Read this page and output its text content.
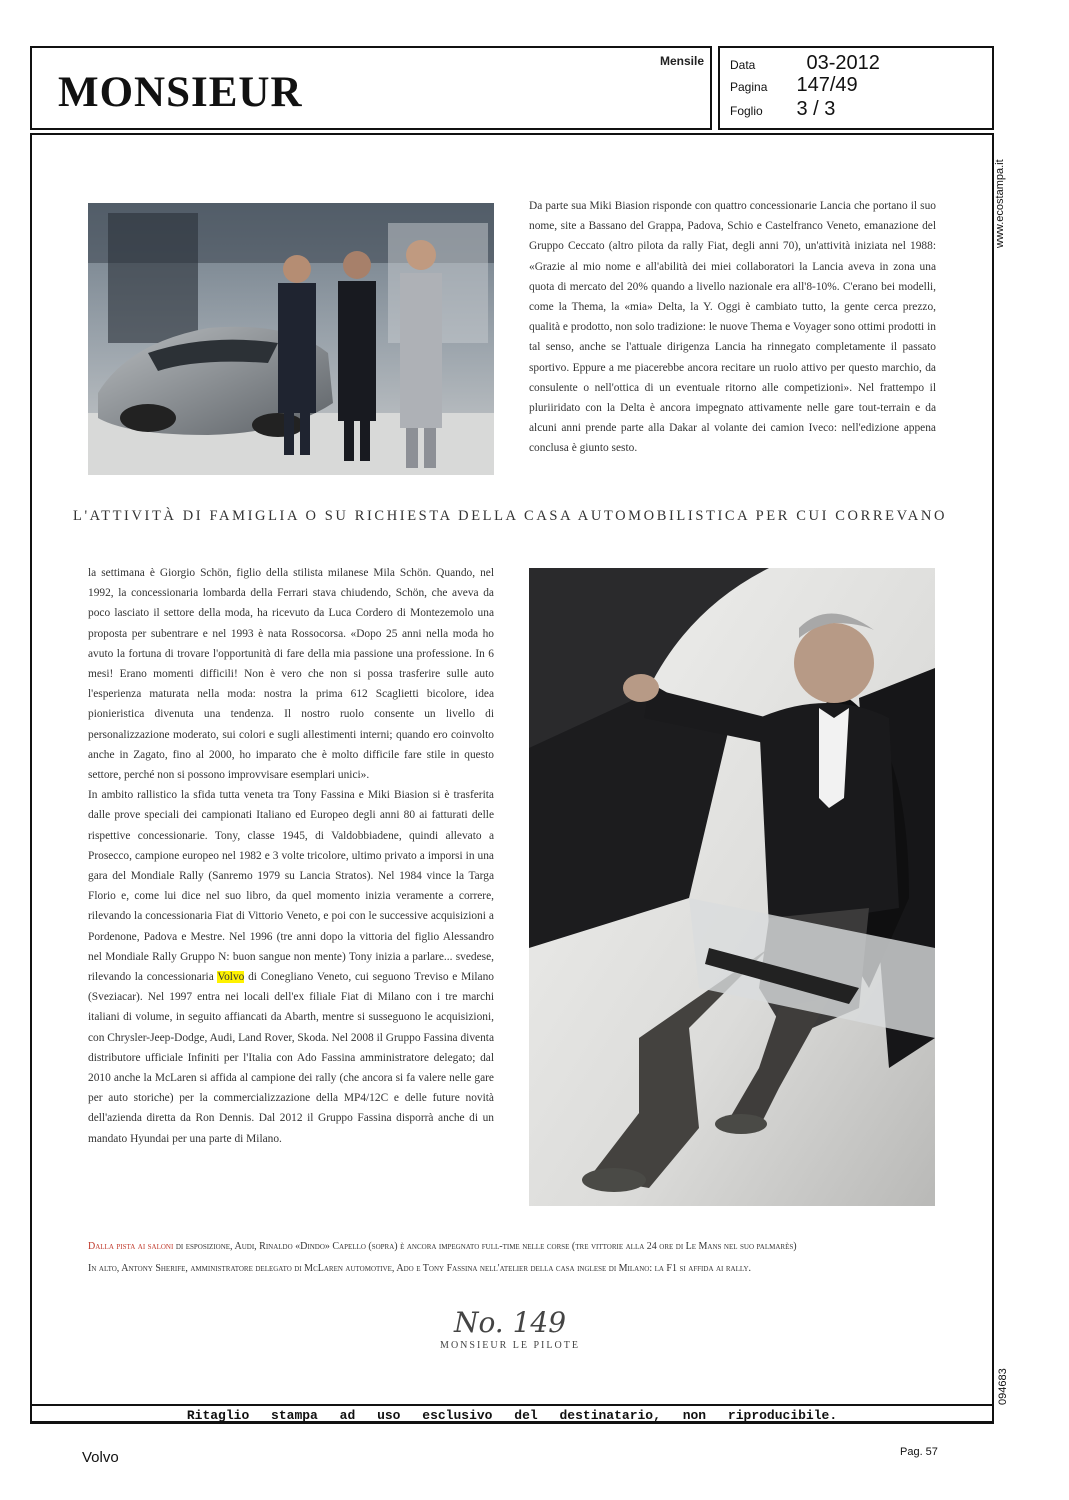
MONSIEUR
Mensile Data	03-2012
Pagina 147/49
Foglio 3 / 3
www.ecostampa.it
Da parte sua Miki Biasion risponde con quattro concessionarie Lancia che portano il suo nome, site a Bassano del Grappa, Padova, Schio e Castelfranco Veneto, emanazione del Gruppo Ceccato (altro pilota da rally Fiat, degli anni 70), un'attività iniziata nel 1988: «Grazie al mio nome e all'abilità dei miei collaboratori la Lancia aveva in zona una quota di mercato del 20% quando a livello nazionale era all'8-10%. C'erano bei modelli, come la Thema, la «mia» Delta, la Y. Oggi è cambiato tutto, la gente cerca prezzo, qualità e prodotto, non solo tradizione: le nuove Thema e Voyager sono ottimi prodotti in tal senso, anche se l'attuale dirigenza Lancia ha rinnegato completamente il passato sportivo. Eppure a me piacerebbe ancora recitare un ruolo attivo per questo marchio, da consulente o nell'ottica di un eventuale ritorno alle competizioni». Nel frattempo il pluriiridato con la Delta è ancora impegnato attivamente nelle gare tout-terrain e da alcuni anni prende parte alla Dakar al volante dei camion Iveco: nell'edizione appena conclusa è giunto sesto.
L'ATTIVITÀ DI FAMIGLIA O SU RICHIESTA DELLA CASA AUTOMOBILISTICA PER CUI CORREVANO

la settimana è Giorgio Schön, figlio della stilista milanese Mila Schön. Quando, nel 1992, la concessionaria lombarda della Ferrari stava chiudendo, Schön, che aveva da poco lasciato il settore della moda, ha ricevuto da Luca Cordero di Montezemolo una proposta per subentrare e nel 1993 è nata Rossocorsa. «Dopo 25 anni nella moda ho avuto la fortuna di trovare l'opportunità di fare della mia passione una professione. In 6 mesi! Erano momenti difficili! Non è vero che non si possa trasferire sulle auto l'esperienza maturata nella moda: nostra la prima 612 Scaglietti bicolore, idea pionieristica divenuta una tendenza. Il nostro ruolo consente un livello di personalizzazione moderato, sui colori e sugli allestimenti interni; quando ero coinvolto anche in Zagato, fino al 2000, ho imparato che è molto difficile fare stile in questo settore, perché non si possono improvvisare esemplari unici».

In ambito rallistico la sfida tutta veneta tra Tony Fassina e Miki Biasion si è trasferita dalle prove speciali dei campionati Italiano ed Europeo degli anni 80 ai fatturati delle rispettive concessionarie. Tony, classe 1945, di Valdobbiadene, quindi allevato a Prosecco, campione europeo nel 1982 e 3 volte tricolore, ultimo privato a imporsi in una gara del Mondiale Rally (Sanremo 1979 su Lancia Stratos). Nel 1984 vince la Targa Florio e, come lui dice nel suo libro, da quel momento inizia veramente a correre, rilevando la concessionaria Fiat di Vittorio Veneto, e poi con le successive acquisizioni a Pordenone, Padova e Mestre. Nel 1996 (tre anni dopo la vittoria del figlio Alessandro nel Mondiale Rally Gruppo N: buon sangue non mente) Tony inizia a parlare... svedese, rilevando la concessionaria Volvo di Conegliano Veneto, cui seguono Treviso e Milano (Sveziacar). Nel 1997 entra nei locali dell'ex filiale Fiat di Milano con i tre marchi italiani di volume, in seguito affiancati da Abarth, mentre si susseguono le acquisizioni, con Chrysler-Jeep-Dodge, Audi, Land Rover, Skoda. Nel 2008 il Gruppo Fassina diventa distributore ufficiale Infiniti per l'Italia con Ado Fassina amministratore delegato; dal 2010 anche la McLaren si affida al campione dei rally (che ancora si fa valere nelle gare per auto storiche) per la commercializzazione della MP4/12C e delle future novità dell'azienda diretta da Ron Dennis. Dal 2012 il Gruppo Fassina disporrà anche di un mandato Hyundai per una parte di Milano.

Dalla pista ai saloni di esposizione, Audi, Rinaldo «Dindo» Capello (sopra) è ancora impegnato full-time nelle corse (tre vittorie alla 24 ore di Le Mans nel suo palmarès)
In alto, Antony Sherife, amministratore delegato di McLaren automotive, Ado e Tony Fassina nell'atelier della casa inglese di Milano: la F1 si affida ai rally.
No. 149
MONSIEUR LE PILOTE
094683
Ritaglio stampa ad uso esclusivo del destinatario, non riproducibile.
Volvo	Pag. 57
